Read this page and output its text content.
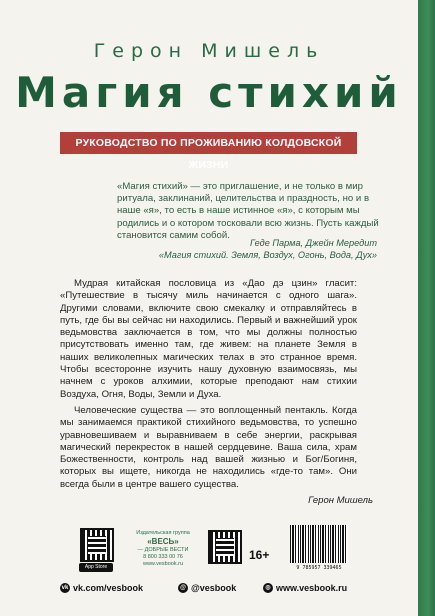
Герон Мишель
Магия стихий
РУКОВОДСТВО ПО ПРОЖИВАНИЮ КОЛДОВСКОЙ ЖИЗНИ

«Магия стихий» — это приглашение, и не только в мир ритуала, заклинаний, целительства и праздность, но и в наше «я», то есть в наше истинное «я», с которым мы родились и о котором тосковали всю жизнь. Пусть каждый становится самим собой.

Геде Парма, Джейн Мередит
«Магия стихий. Земля, Воздух, Огонь, Вода, Дух»

Мудрая китайская пословица из «Дао дэ цзин» гласит: «Путешествие в тысячу миль начинается с одного шага». Другими словами, включите свою смекалку и отправляйтесь в путь, где бы вы сейчас ни находились. Первый и важнейший урок ведьмовства заключается в том, что мы должны полностью присутствовать именно там, где живем: на планете Земля в наших великолепных магических телах в это странное время. Чтобы всесторонне изучить нашу духовную взаимосвязь, мы начнем с уроков алхимии, которые преподают нам стихии Воздуха, Огня, Воды, Земли и Духа.

Человеческие существа — это воплощенный пентакль. Когда мы занимаемся практикой стихийного ведьмовства, то успешно уравновешиваем и выравниваем в себе энергии, раскрывая магический перекресток в нашей сердцевине. Ваша сила, храм Божественности, контроль над вашей жизнью и Бог/Богиня, которых вы ищете, никогда не находились «где-то там». Они всегда были в центре вашего существа.

Герон Мишель
App Store
Издательская группа
«ВЕСЬ»
— ДОБРЫЕ ВЕСТИ
8 800 333 00 76
www.vesbook.ru
16+
9 785957 339465
vk vk.com/vesbook	@ @vesbook	◎ www.vesbook.ru
